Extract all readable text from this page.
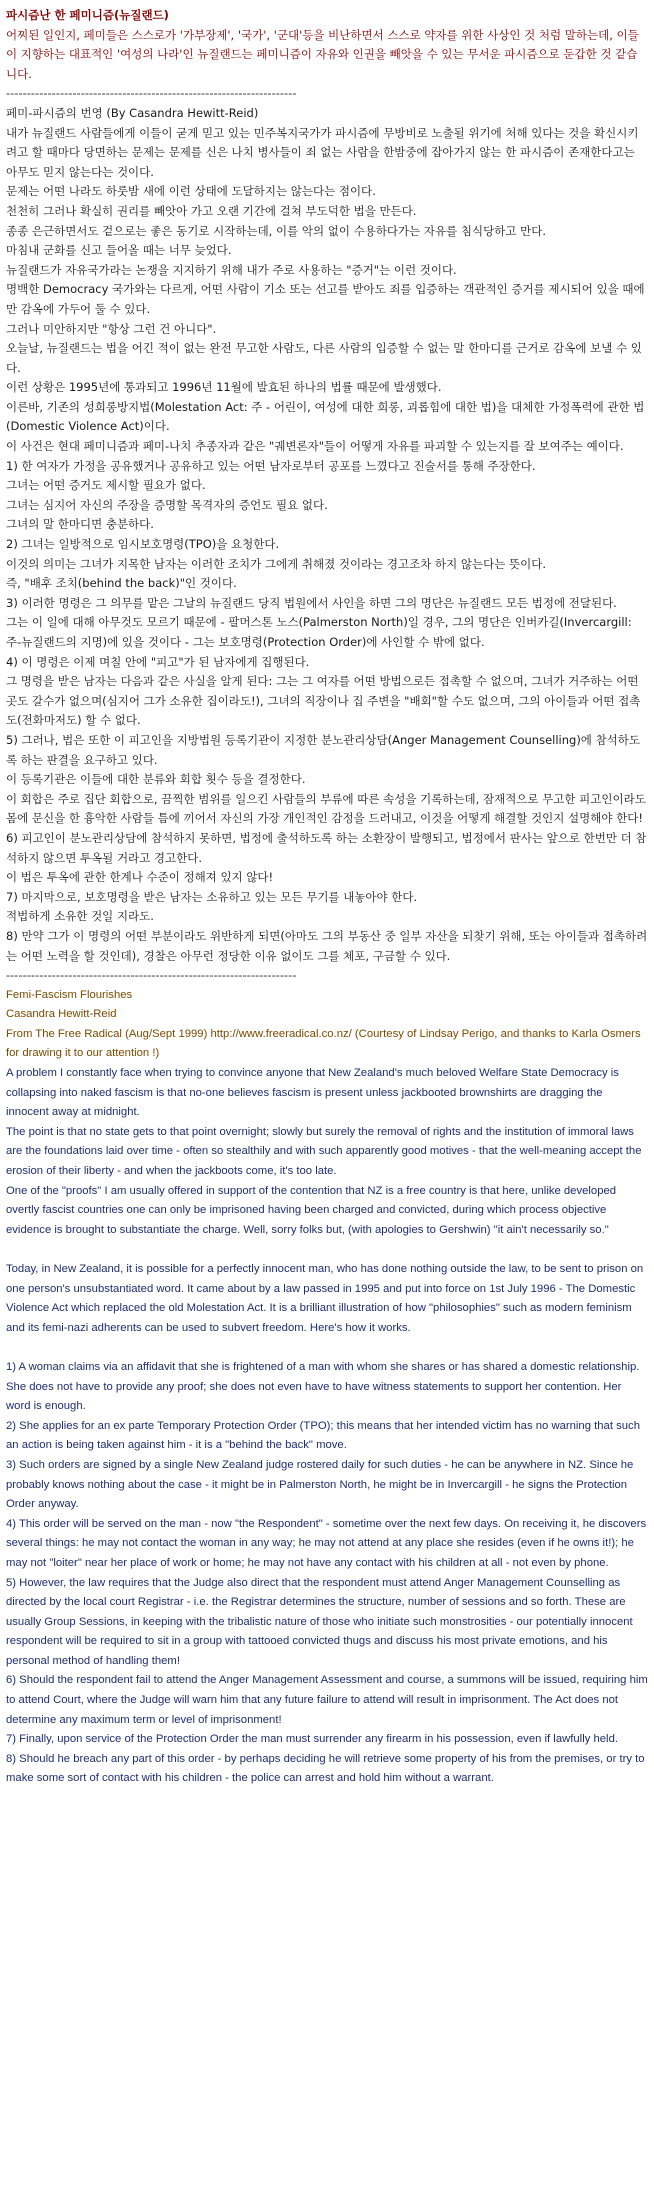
파시즘난 한 페미니즘(뉴질랜드)

어찌된 일인지, 페미들은 스스로가 '가부장제', '국가', '군대'등을 비난하면서 스스로 약자를 위한 사상인 것 처럼 말하는데, 이들이 지향하는 대표적인 '여성의 나라'인 뉴질랜드는 페미니즘이 자유와 인권을 빼앗을 수 있는 무서운 파시즘으로 둔갑한 것 같습니다.

----------------------------------------------------------------------

페미-파시즘의 번영 (By Casandra Hewitt-Reid)

내가 뉴질랜드 사람들에게 이들이 굳게 믿고 있는 민주복지국가가 파시즘에 무방비로 노출될 위기에 처해 있다는 것을 확신시키려고 할 때마다 당면하는 문제는 문제를 신은 나치 병사들이 죄 없는 사람을 한밤중에 잡아가지 않는 한 파시즘이 존재한다고는 아무도 믿지 않는다는 것이다.

문제는 어떤 나라도 하룻밤 새에 이런 상태에 도달하지는 않는다는 점이다.

천천히 그러나 확실히 권리를 빼앗아 가고 오랜 기간에 걸쳐 부도덕한 법을 만든다.

종종 은근하면서도 겉으로는 좋은 동기로 시작하는데, 이를 악의 없이 수용하다가는 자유를 침식당하고 만다.

마침내 군화를 신고 들어올 때는 너무 늦었다.

뉴질랜드가 자유국가라는 논쟁을 지지하기 위해 내가 주로 사용하는 "증거"는 이런 것이다.

명백한 Democracy 국가와는 다르게, 어떤 사람이 기소 또는 선고를 받아도 죄를 입증하는 객관적인 증거를 제시되어 있을 때에만 감옥에 가두어 둘 수 있다.

그러나 미안하지만 "항상 그런 건 아니다".

오늘날, 뉴질랜드는 법을 어긴 적이 없는 완전 무고한 사람도, 다른 사람의 입증할 수 없는 말 한마디를 근거로 감옥에 보낼 수 있다.

이런 상황은 1995년에 통과되고 1996년 11월에 발효된 하나의 법률 때문에 발생했다.

이른바, 기존의 성희롱방지법(Molestation Act: 주 - 어린이, 여성에 대한 희롱, 괴롭힘에 대한 법)을 대체한 가정폭력에 관한 법(Domestic Violence Act)이다.

이 사건은 현대 페미니즘과 페미-나치 추종자과 같은 "궤변론자"들이 어떻게 자유를 파괴할 수 있는지를 잘 보여주는 예이다.

1) 한 여자가 가정을 공유했거나 공유하고 있는 어떤 남자로부터 공포를 느꼈다고 진술서를 통해 주장한다.

그녀는 어떤 증거도 제시할 필요가 없다.

그녀는 심지어 자신의 주장을 증명할 목격자의 증언도 필요 없다.

그녀의 말 한마디면 충분하다.

2) 그녀는 일방적으로 임시보호명령(TPO)을 요청한다.

이것의 의미는 그녀가 지목한 남자는 이러한 조치가 그에게 취해졌 것이라는 경고조차 하지 않는다는 뜻이다.

즉, "배후 조치(behind the back)"인 것이다.

3) 이러한 명령은 그 의무를 맡은 그날의 뉴질랜드 당직 법원에서 사인을 하면 그의 명단은 뉴질랜드 모든 법정에 전달된다.

그는 이 일에 대해 아무것도 모르기 때문에 - 팔머스톤 노스(Palmerston North)일 경우, 그의 명단은 인버카길(Invercargill: 주-뉴질랜드의 지명)에 있을 것이다 - 그는 보호명령(Protection Order)에 사인할 수 밖에 없다.

4) 이 명령은 이제 며칠 안에 "피고"가 된 남자에게 집행된다.

그 명령을 받은 남자는 다음과 같은 사실을 알게 된다: 그는 그 여자를 어떤 방법으로든 접촉할 수 없으며, 그녀가 거주하는 어떤 곳도 갈수가 없으며(심지어 그가 소유한 집이라도!), 그녀의 직장이나 집 주변을 "배회"할 수도 없으며, 그의 아이들과 어떤 접촉도(전화마저도) 할 수 없다.

5) 그러나, 법은 또한 이 피고인을 지방법원 등록기관이 지정한 분노관리상담(Anger Management Counselling)에 참석하도록 하는 판결을 요구하고 있다.

이 등록기관은 이들에 대한 분류와 회합 횟수 등을 결정한다.

이 회합은 주로 집단 회합으로, 끔찍한 범위를 일으킨 사람들의 부류에 따른 속성을 기록하는데, 잠재적으로 무고한 피고인이라도 몸에 문신을 한 흉악한 사람들 틈에 끼어서 자신의 가장 개인적인 감정을 드러내고, 이것을 어떻게 해결할 것인지 설명해야 한다!

6) 피고인이 분노관리상담에 참석하지 못하면, 법정에 출석하도록 하는 소환장이 발행되고, 법정에서 판사는 앞으로 한번만 더 참석하지 않으면 투옥될 거라고 경고한다.

이 법은 투옥에 관한 한계나 수준이 정해져 있지 않다!

7) 마지막으로, 보호명령을 받은 남자는 소유하고 있는 모든 무기를 내놓아야 한다.

적법하게 소유한 것일 지라도.

8) 만약 그가 이 명령의 어떤 부분이라도 위반하게 되면(아마도 그의 부동산 중 일부 자산을 되찾기 위해, 또는 아이들과 접촉하려는 어떤 노력을 할 것인데), 경찰은 아무런 정당한 이유 없이도 그를 체포, 구금할 수 있다.

----------------------------------------------------------------------

Femi-Fascism Flourishes

Casandra Hewitt-Reid

From The Free Radical (Aug/Sept 1999) http://www.freeradical.co.nz/ (Courtesy of Lindsay Perigo, and thanks to Karla Osmers for drawing it to our attention !)

A problem I constantly face when trying to convince anyone that New Zealand's much beloved Welfare State Democracy is collapsing into naked fascism is that no-one believes fascism is present unless jackbooted brownshirts are dragging the innocent away at midnight.

The point is that no state gets to that point overnight; slowly but surely the removal of rights and the institution of immoral laws are the foundations laid over time - often so stealthily and with such apparently good motives - that the well-meaning accept the erosion of their liberty - and when the jackboots come, it's too late.

One of the "proofs" I am usually offered in support of the contention that NZ is a free country is that here, unlike developed overtly fascist countries one can only be imprisoned having been charged and convicted, during which process objective evidence is brought to substantiate the charge. Well, sorry folks but, (with apologies to Gershwin) "it ain't necessarily so."

Today, in New Zealand, it is possible for a perfectly innocent man, who has done nothing outside the law, to be sent to prison on one person's unsubstantiated word. It came about by a law passed in 1995 and put into force on 1st July 1996 - The Domestic Violence Act which replaced the old Molestation Act. It is a brilliant illustration of how "philosophies" such as modern feminism and its femi-nazi adherents can be used to subvert freedom. Here's how it works.

1) A woman claims via an affidavit that she is frightened of a man with whom she shares or has shared a domestic relationship. She does not have to provide any proof; she does not even have to have witness statements to support her contention. Her word is enough.

2) She applies for an ex parte Temporary Protection Order (TPO); this means that her intended victim has no warning that such an action is being taken against him - it is a "behind the back" move.

3) Such orders are signed by a single New Zealand judge rostered daily for such duties - he can be anywhere in NZ. Since he probably knows nothing about the case - it might be in Palmerston North, he might be in Invercargill - he signs the Protection Order anyway.

4) This order will be served on the man - now "the Respondent" - sometime over the next few days. On receiving it, he discovers several things: he may not contact the woman in any way; he may not attend at any place she resides (even if he owns it!); he may not "loiter" near her place of work or home; he may not have any contact with his children at all - not even by phone.

5) However, the law requires that the Judge also direct that the respondent must attend Anger Management Counselling as directed by the local court Registrar - i.e. the Registrar determines the structure, number of sessions and so forth. These are usually Group Sessions, in keeping with the tribalistic nature of those who initiate such monstrosities - our potentially innocent respondent will be required to sit in a group with tattooed convicted thugs and discuss his most private emotions, and his personal method of handling them!

6) Should the respondent fail to attend the Anger Management Assessment and course, a summons will be issued, requiring him to attend Court, where the Judge will warn him that any future failure to attend will result in imprisonment. The Act does not determine any maximum term or level of imprisonment!

7) Finally, upon service of the Protection Order the man must surrender any firearm in his possession, even if lawfully held.

8) Should he breach any part of this order - by perhaps deciding he will retrieve some property of his from the premises, or try to make some sort of contact with his children - the police can arrest and hold him without a warrant.
